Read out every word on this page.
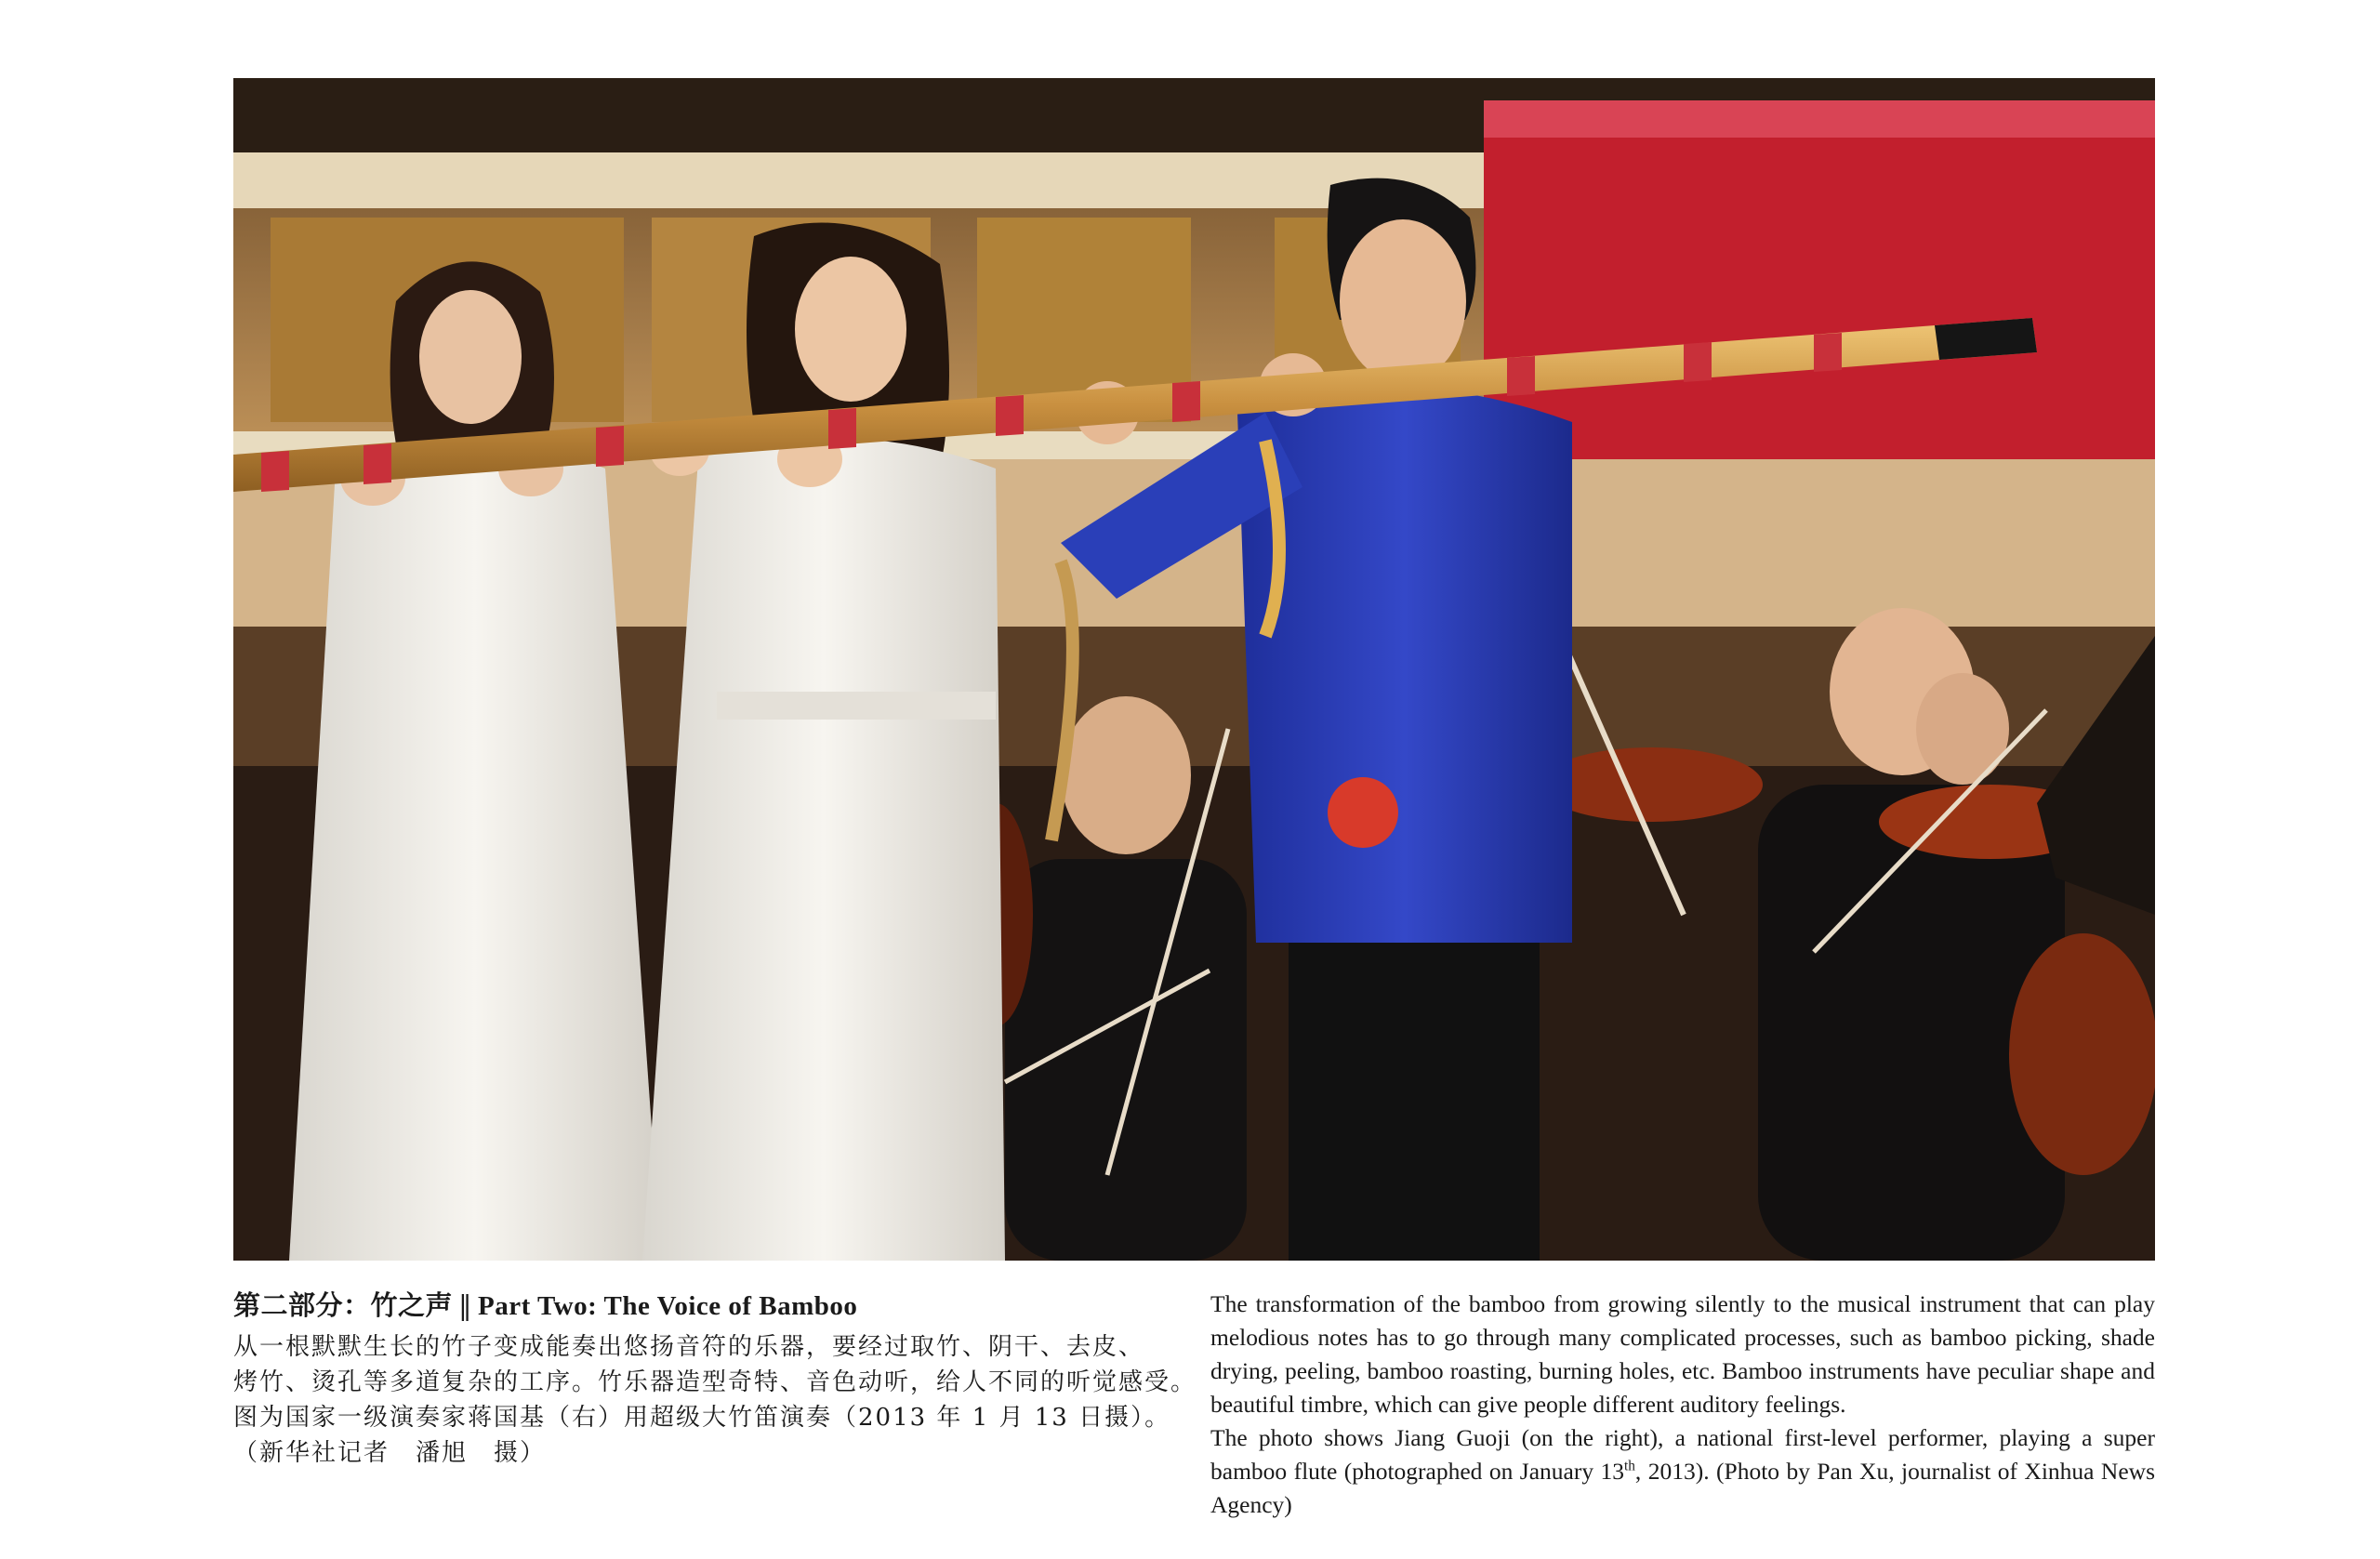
第二部分：竹之声 ‖ Part Two: The Voice of Bamboo
从一根默默生长的竹子变成能奏出悠扬音符的乐器，要经过取竹、阴干、去皮、
烤竹、烫孔等多道复杂的工序。竹乐器造型奇特、音色动听，给人不同的听觉感受。
图为国家一级演奏家蒋国基（右）用超级大竹笛演奏（2013 年 1 月 13 日摄）。
（新华社记者　潘旭　摄）

The transformation of the bamboo from growing silently to the musical instrument that can play melodious notes has to go through many complicated processes, such as bamboo picking, shade drying, peeling, bamboo roasting, burning holes, etc. Bamboo instruments have peculiar shape and beautiful timbre, which can give people different auditory feelings.

The photo shows Jiang Guoji (on the right), a national first-level performer, playing a super bamboo flute (photographed on January 13th, 2013). (Photo by Pan Xu, journalist of Xinhua News Agency)
